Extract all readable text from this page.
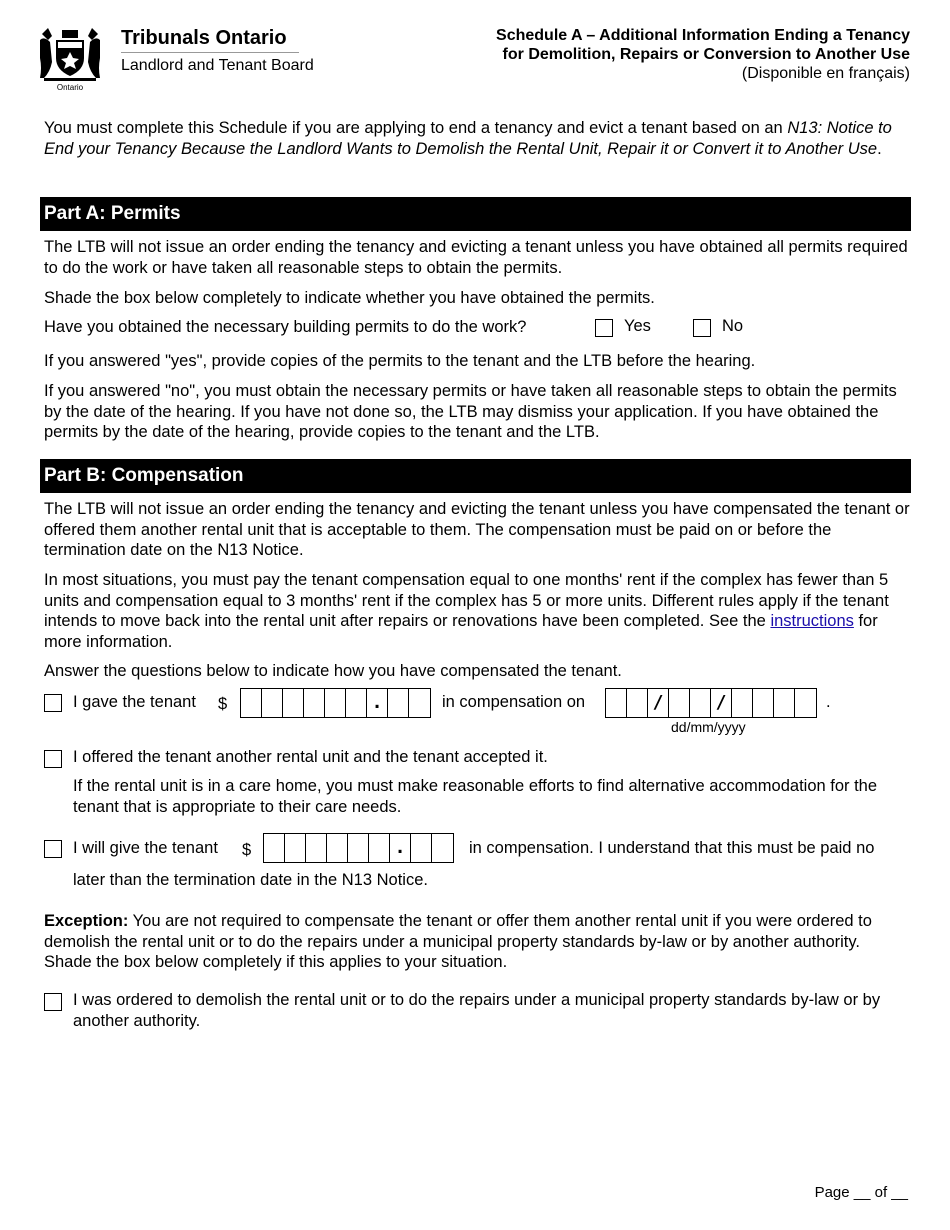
Ontario
Tribunals Ontario
Landlord and Tenant Board
Schedule A – Additional Information Ending a Tenancy
for Demolition, Repairs or Conversion to Another Use
(Disponible en français)
You must complete this Schedule if you are applying to end a tenancy and evict a tenant based on an N13: Notice to End your Tenancy Because the Landlord Wants to Demolish the Rental Unit, Repair it or Convert it to Another Use.
Part A: Permits
The LTB will not issue an order ending the tenancy and evicting a tenant unless you have obtained all permits required to do the work or have taken all reasonable steps to obtain the permits.
Shade the box below completely to indicate whether you have obtained the permits.
Have you obtained the necessary building permits to do the work?	Yes	No
If you answered "yes", provide copies of the permits to the tenant and the LTB before the hearing.
If you answered "no", you must obtain the necessary permits or have taken all reasonable steps to obtain the permits by the date of the hearing. If you have not done so, the LTB may dismiss your application. If you have obtained the permits by the date of the hearing, provide copies to the tenant and the LTB.
Part B: Compensation
The LTB will not issue an order ending the tenancy and evicting the tenant unless you have compensated the tenant or offered them another rental unit that is acceptable to them. The compensation must be paid on or before the termination date on the N13 Notice.
In most situations, you must pay the tenant compensation equal to one months' rent if the complex has fewer than 5 units and compensation equal to 3 months' rent if the complex has 5 or more units. Different rules apply if the tenant intends to move back into the rental unit after repairs or renovations have been completed. See the instructions for more information.
Answer the questions below to indicate how you have compensated the tenant.
I gave the tenant $	.	in compensation on	/	/	.
dd/mm/yyyy
I offered the tenant another rental unit and the tenant accepted it.
If the rental unit is in a care home, you must make reasonable efforts to find alternative accommodation for the tenant that is appropriate to their care needs.
I will give the tenant $	.	in compensation. I understand that this must be paid no
later than the termination date in the N13 Notice.
Exception: You are not required to compensate the tenant or offer them another rental unit if you were ordered to demolish the rental unit or to do the repairs under a municipal property standards by-law or by another authority. Shade the box below completely if this applies to your situation.
I was ordered to demolish the rental unit or to do the repairs under a municipal property standards by-law or by another authority.
Page __ of __
